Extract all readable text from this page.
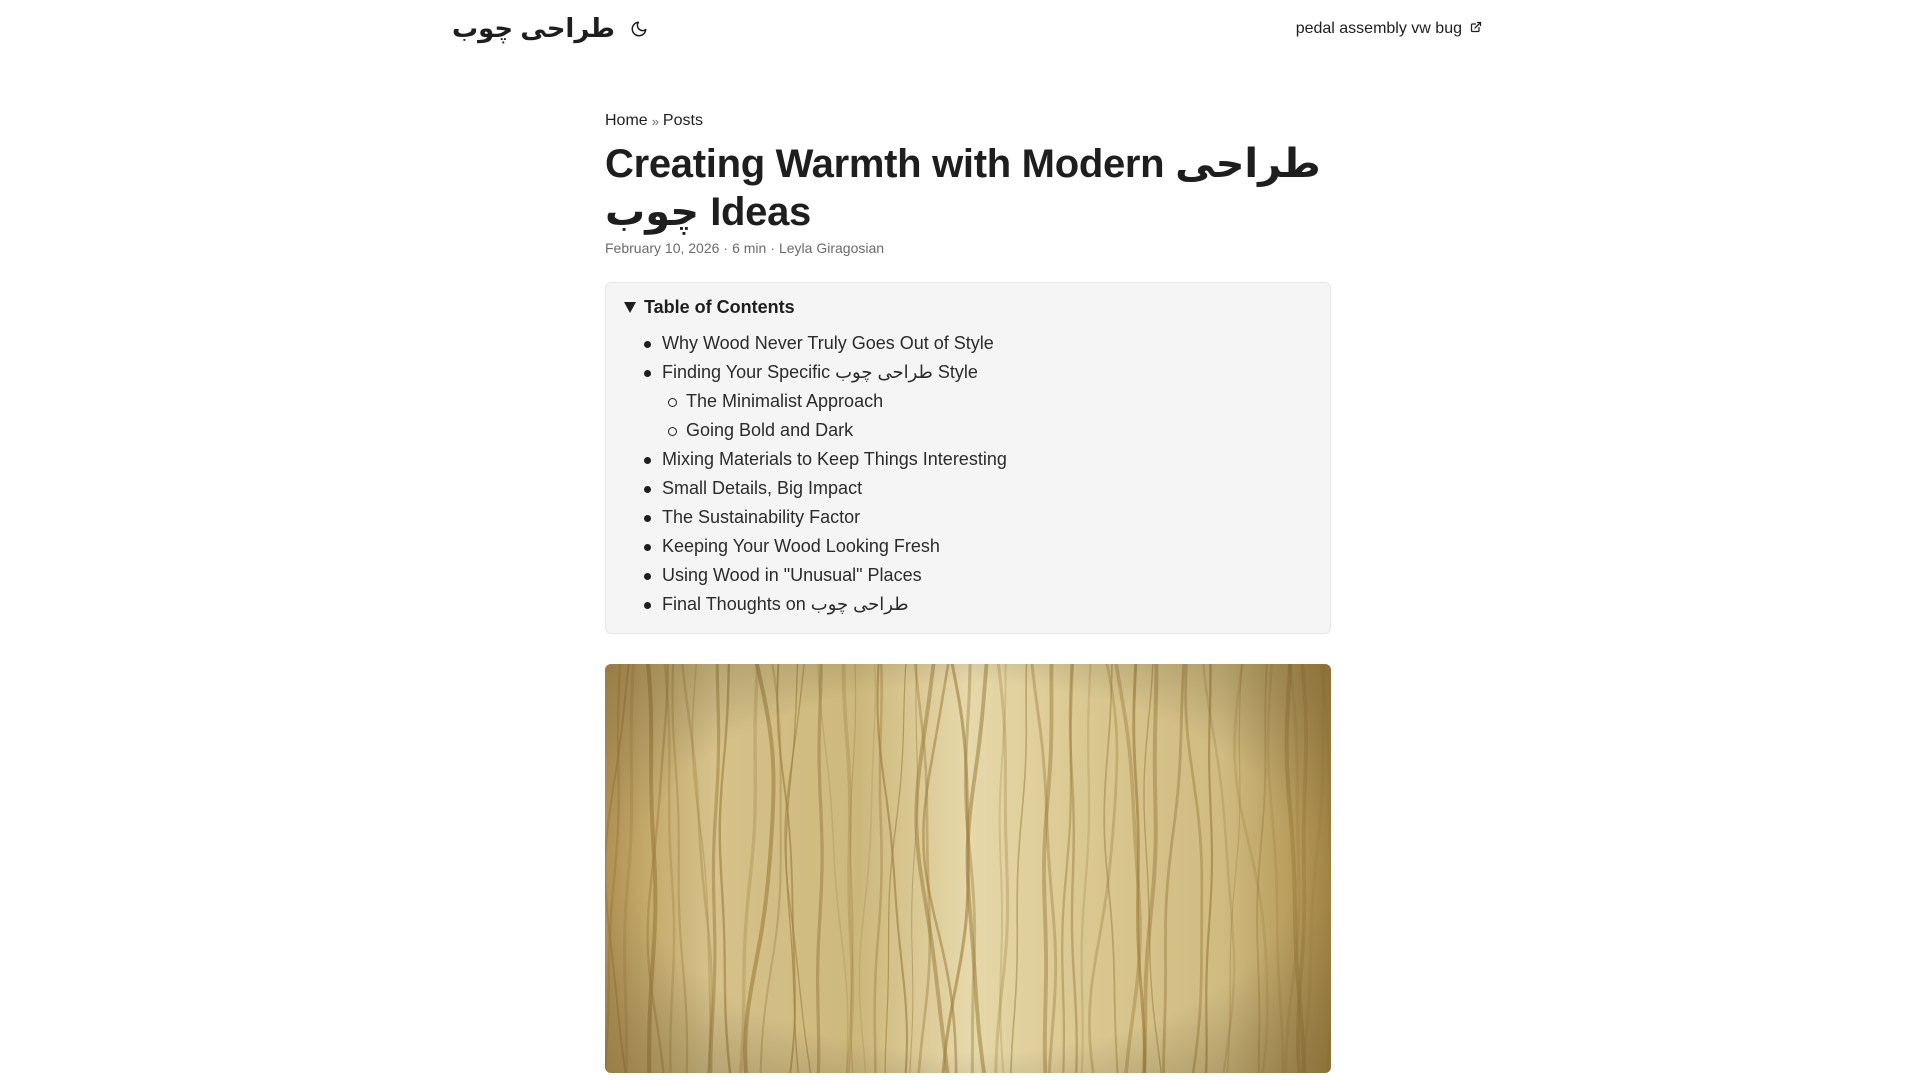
طراحی چوب	pedal assembly vw bug
Home » Posts
Creating Warmth with Modern طراحی چوب Ideas
February 10, 2026 · 6 min · Leyla Giragosian
Table of Contents
Why Wood Never Truly Goes Out of Style
Finding Your Specific طراحی چوب Style
The Minimalist Approach
Going Bold and Dark
Mixing Materials to Keep Things Interesting
Small Details, Big Impact
The Sustainability Factor
Keeping Your Wood Looking Fresh
Using Wood in "Unusual" Places
Final Thoughts on طراحی چوب
